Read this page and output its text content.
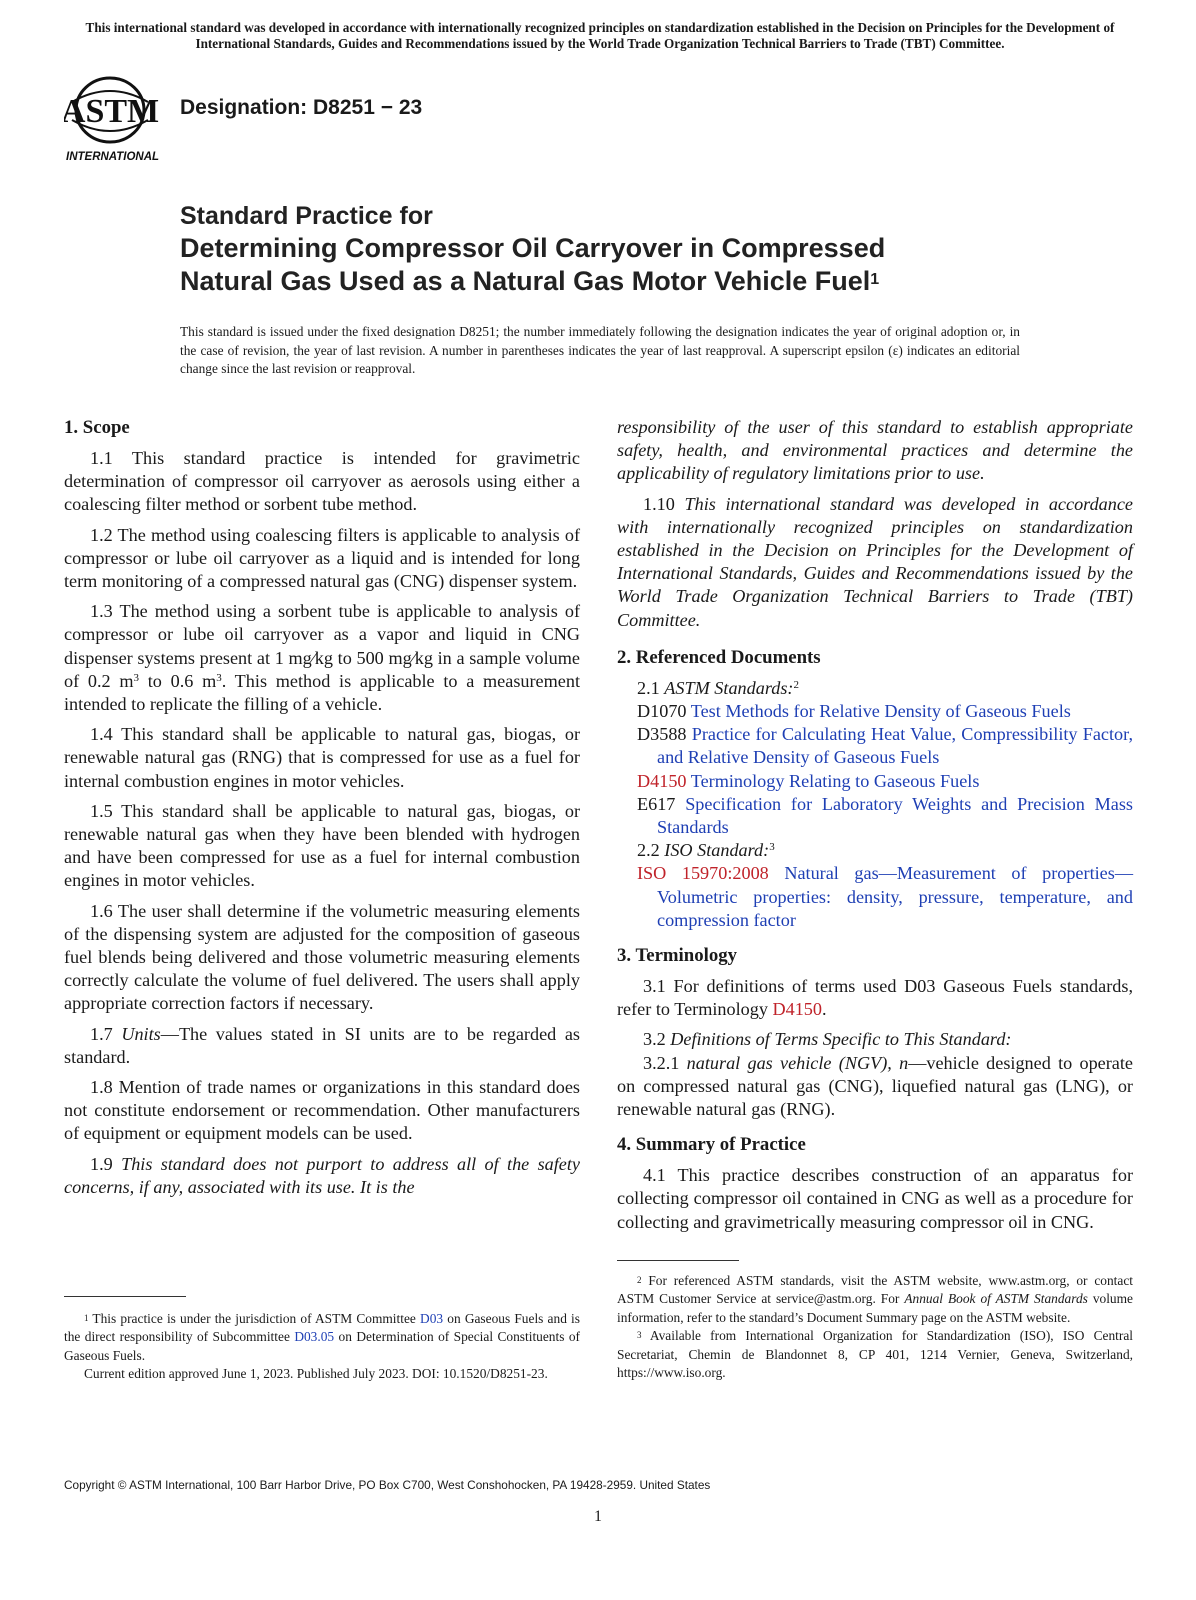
This international standard was developed in accordance with internationally recognized principles on standardization established in the Decision on Principles for the Development of International Standards, Guides and Recommendations issued by the World Trade Organization Technical Barriers to Trade (TBT) Committee.
ASTM
INTERNATIONAL
Designation: D8251 − 23
Standard Practice for
Determining Compressor Oil Carryover in Compressed
Natural Gas Used as a Natural Gas Motor Vehicle Fuel$^1$
This standard is issued under the fixed designation D8251; the number immediately following the designation indicates the year of original adoption or, in the case of revision, the year of last revision. A number in parentheses indicates the year of last reapproval. A superscript epsilon (ε) indicates an editorial change since the last revision or reapproval.
1. Scope

1.1 This standard practice is intended for gravimetric determination of compressor oil carryover as aerosols using either a coalescing filter method or sorbent tube method.

1.2 The method using coalescing filters is applicable to analysis of compressor or lube oil carryover as a liquid and is intended for long term monitoring of a compressed natural gas (CNG) dispenser system.

1.3 The method using a sorbent tube is applicable to analysis of compressor or lube oil carryover as a vapor and liquid in CNG dispenser systems present at 1 mg⁄kg to 500 mg⁄kg in a sample volume of 0.2 $m^3$ to 0.6 $m^3$. This method is applicable to a measurement intended to replicate the filling of a vehicle.

1.4 This standard shall be applicable to natural gas, biogas, or renewable natural gas (RNG) that is compressed for use as a fuel for internal combustion engines in motor vehicles.

1.5 This standard shall be applicable to natural gas, biogas, or renewable natural gas when they have been blended with hydrogen and have been compressed for use as a fuel for internal combustion engines in motor vehicles.

1.6 The user shall determine if the volumetric measuring elements of the dispensing system are adjusted for the composition of gaseous fuel blends being delivered and those volumetric measuring elements correctly calculate the volume of fuel delivered. The users shall apply appropriate correction factors if necessary.

1.7 Units—The values stated in SI units are to be regarded as standard.

1.8 Mention of trade names or organizations in this standard does not constitute endorsement or recommendation. Other manufacturers of equipment or equipment models can be used.

1.9 This standard does not purport to address all of the safety concerns, if any, associated with its use. It is the

$^1$ This practice is under the jurisdiction of ASTM Committee D03 on Gaseous Fuels and is the direct responsibility of Subcommittee D03.05 on Determination of Special Constituents of Gaseous Fuels.

Current edition approved June 1, 2023. Published July 2023. DOI: 10.1520/D8251-23.

responsibility of the user of this standard to establish appropriate safety, health, and environmental practices and determine the applicability of regulatory limitations prior to use.

1.10 This international standard was developed in accordance with internationally recognized principles on standardization established in the Decision on Principles for the Development of International Standards, Guides and Recommendations issued by the World Trade Organization Technical Barriers to Trade (TBT) Committee.

2. Referenced Documents
2.1 ASTM Standards:$^2$
D1070 Test Methods for Relative Density of Gaseous Fuels
D3588 Practice for Calculating Heat Value, Compressibility Factor, and Relative Density of Gaseous Fuels
D4150 Terminology Relating to Gaseous Fuels
E617 Specification for Laboratory Weights and Precision Mass Standards
2.2 ISO Standard:$^3$
ISO 15970:2008 Natural gas—Measurement of properties—Volumetric properties: density, pressure, temperature, and compression factor
3. Terminology

3.1 For definitions of terms used D03 Gaseous Fuels standards, refer to Terminology D4150.

3.2 Definitions of Terms Specific to This Standard:

3.2.1 natural gas vehicle (NGV), n—vehicle designed to operate on compressed natural gas (CNG), liquefied natural gas (LNG), or renewable natural gas (RNG).

4. Summary of Practice

4.1 This practice describes construction of an apparatus for collecting compressor oil contained in CNG as well as a procedure for collecting and gravimetrically measuring compressor oil in CNG.

$^2$ For referenced ASTM standards, visit the ASTM website, www.astm.org, or contact ASTM Customer Service at service@astm.org. For Annual Book of ASTM Standards volume information, refer to the standard’s Document Summary page on the ASTM website.

$^3$ Available from International Organization for Standardization (ISO), ISO Central Secretariat, Chemin de Blandonnet 8, CP 401, 1214 Vernier, Geneva, Switzerland, https://www.iso.org.

Copyright © ASTM International, 100 Barr Harbor Drive, PO Box C700, West Conshohocken, PA 19428-2959. United States
1
